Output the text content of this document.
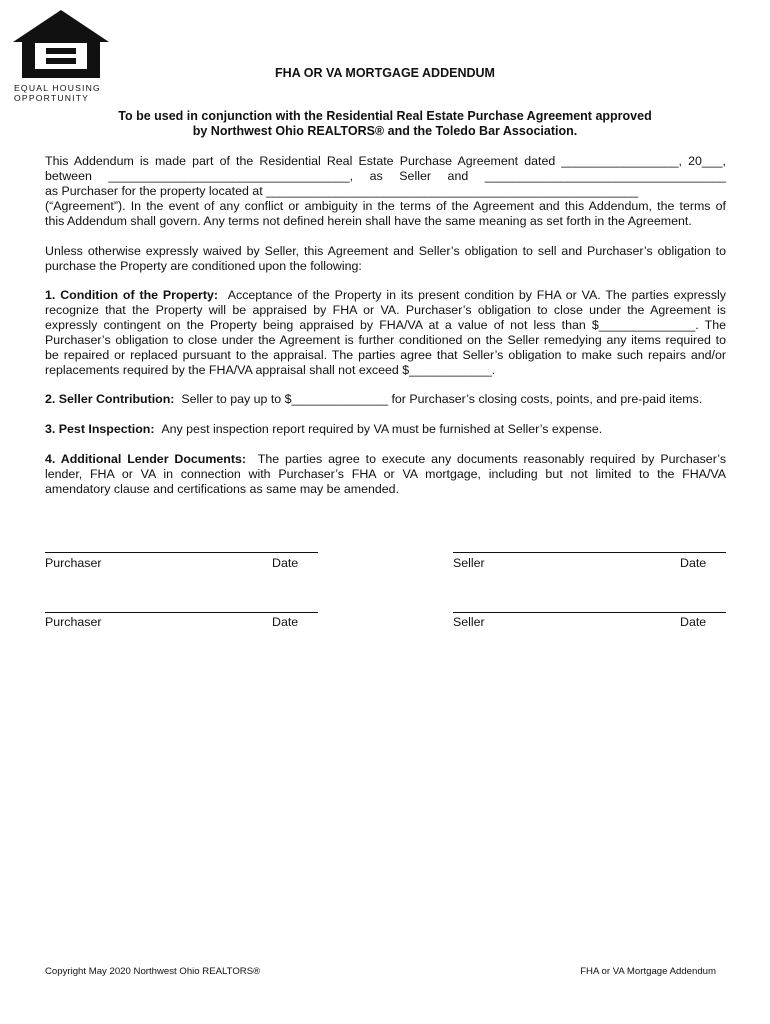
EQUAL HOUSING
OPPORTUNITY
FHA OR VA MORTGAGE ADDENDUM
To be used in conjunction with the Residential Real Estate Purchase Agreement approved
by Northwest Ohio REALTORS® and the Toledo Bar Association.
This Addendum is made part of the Residential Real Estate Purchase Agreement dated _________________, 20___,
between ___________________________________, as Seller and ___________________________________
as Purchaser for the property located at ______________________________________________________
(“Agreement”). In the event of any conflict or ambiguity in the terms of the Agreement and this Addendum, the terms of
this Addendum shall govern. Any terms not defined herein shall have the same meaning as set forth in the Agreement.
Unless otherwise expressly waived by Seller, this Agreement and Seller’s obligation to sell and Purchaser’s obligation to
purchase the Property are conditioned upon the following:
1. Condition of the Property: Acceptance of the Property in its present condition by FHA or VA. The parties expressly
recognize that the Property will be appraised by FHA or VA. Purchaser’s obligation to close under the Agreement is
expressly contingent on the Property being appraised by FHA/VA at a value of not less than $______________. The
Purchaser’s obligation to close under the Agreement is further conditioned on the Seller remedying any items required to
be repaired or replaced pursuant to the appraisal. The parties agree that Seller’s obligation to make such repairs and/or
replacements required by the FHA/VA appraisal shall not exceed $____________.
2. Seller Contribution: Seller to pay up to $______________ for Purchaser’s closing costs, points, and pre-paid items.
3. Pest Inspection: Any pest inspection report required by VA must be furnished at Seller’s expense.
4. Additional Lender Documents: The parties agree to execute any documents reasonably required by Purchaser’s
lender, FHA or VA in connection with Purchaser’s FHA or VA mortgage, including but not limited to the FHA/VA
amendatory clause and certifications as same may be amended.
Purchaser	Date	Seller	Date
Purchaser	Date	Seller	Date
Copyright May 2020 Northwest Ohio REALTORS®	FHA or VA Mortgage Addendum
